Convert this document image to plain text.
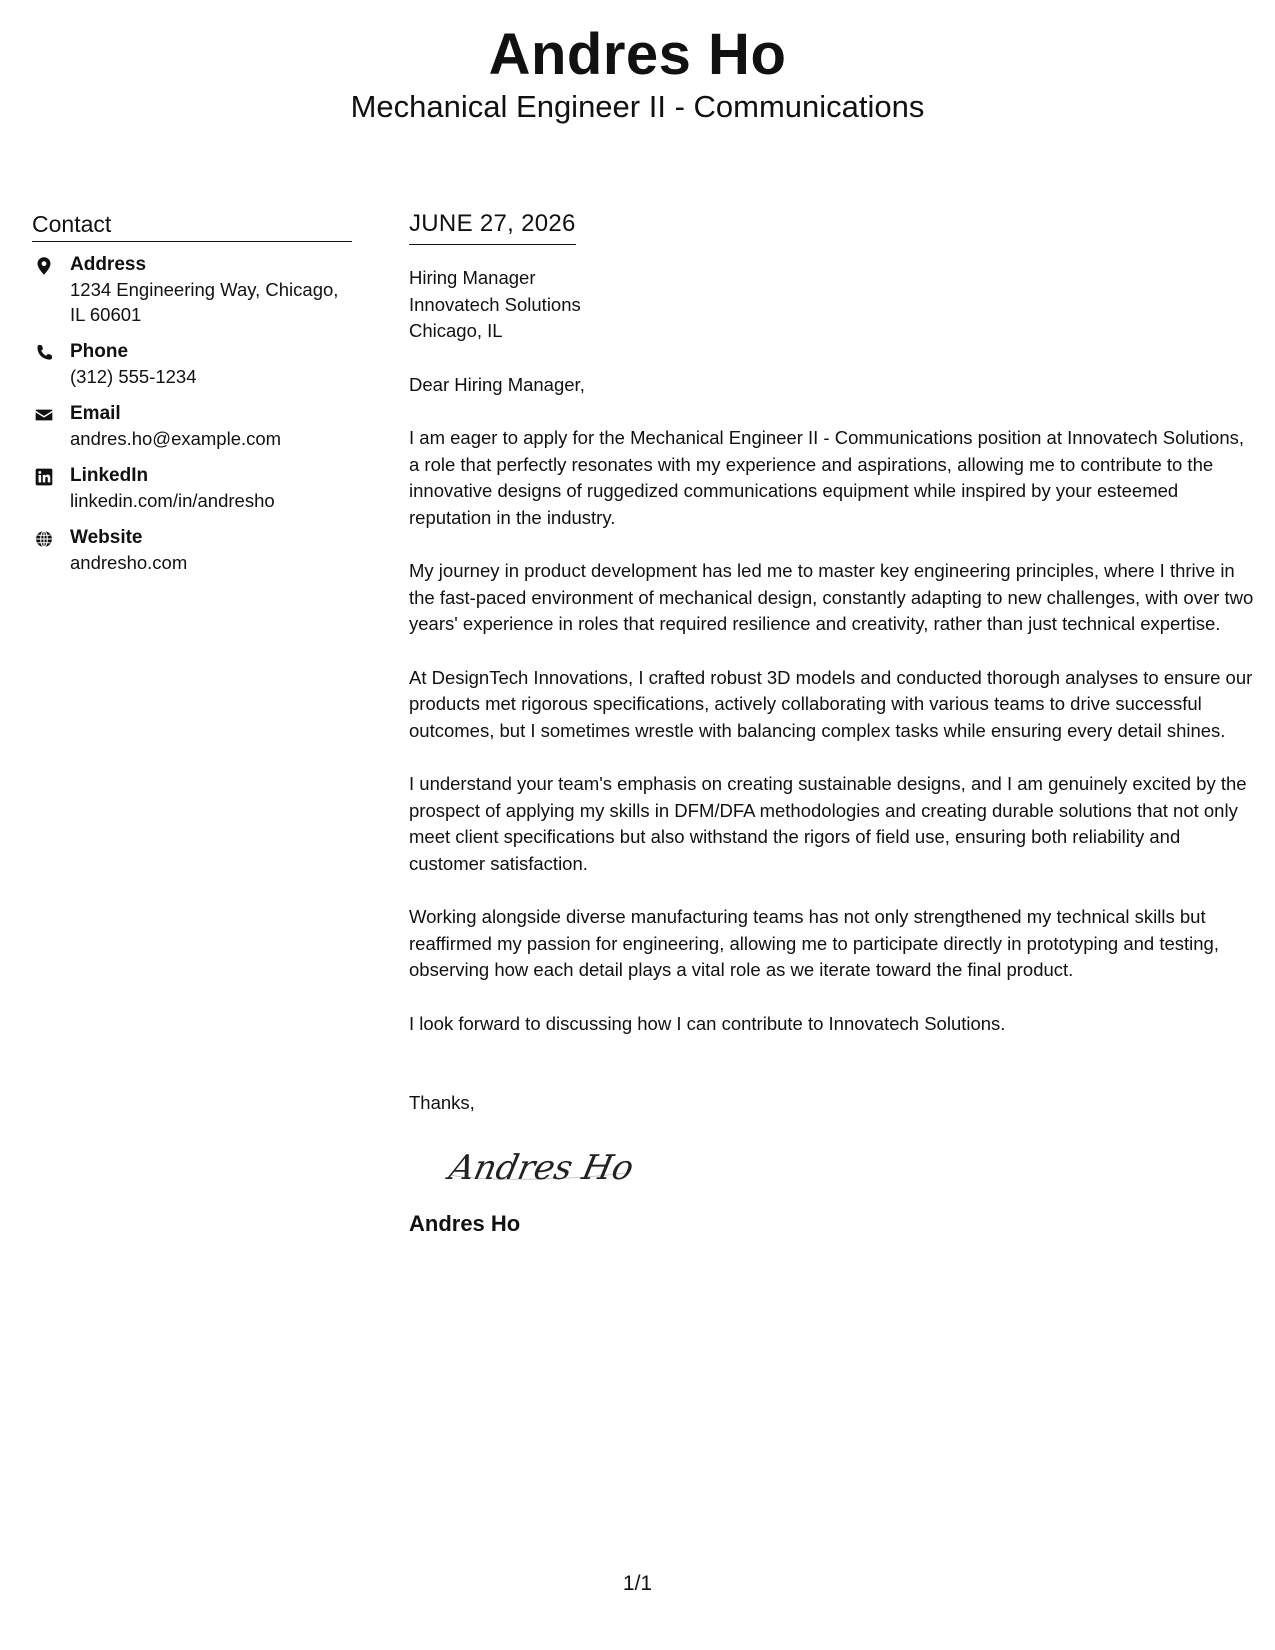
Andres Ho
Mechanical Engineer II - Communications
Contact
Address
1234 Engineering Way, Chicago, IL 60601
Phone
(312) 555-1234
Email
andres.ho@example.com
LinkedIn
linkedin.com/in/andresho
Website
andresho.com
JUNE 27, 2026
Hiring Manager
Innovatech Solutions
Chicago, IL
Dear Hiring Manager,

I am eager to apply for the Mechanical Engineer II - Communications position at Innovatech Solutions, a role that perfectly resonates with my experience and aspirations, allowing me to contribute to the innovative designs of ruggedized communications equipment while inspired by your esteemed reputation in the industry.

My journey in product development has led me to master key engineering principles, where I thrive in the fast-paced environment of mechanical design, constantly adapting to new challenges, with over two years' experience in roles that required resilience and creativity, rather than just technical expertise.

At DesignTech Innovations, I crafted robust 3D models and conducted thorough analyses to ensure our products met rigorous specifications, actively collaborating with various teams to drive successful outcomes, but I sometimes wrestle with balancing complex tasks while ensuring every detail shines.

I understand your team's emphasis on creating sustainable designs, and I am genuinely excited by the prospect of applying my skills in DFM/DFA methodologies and creating durable solutions that not only meet client specifications but also withstand the rigors of field use, ensuring both reliability and customer satisfaction.

Working alongside diverse manufacturing teams has not only strengthened my technical skills but reaffirmed my passion for engineering, allowing me to participate directly in prototyping and testing, observing how each detail plays a vital role as we iterate toward the final product.

I look forward to discussing how I can contribute to Innovatech Solutions.

Thanks,
Andres Ho
Andres Ho
1/1
